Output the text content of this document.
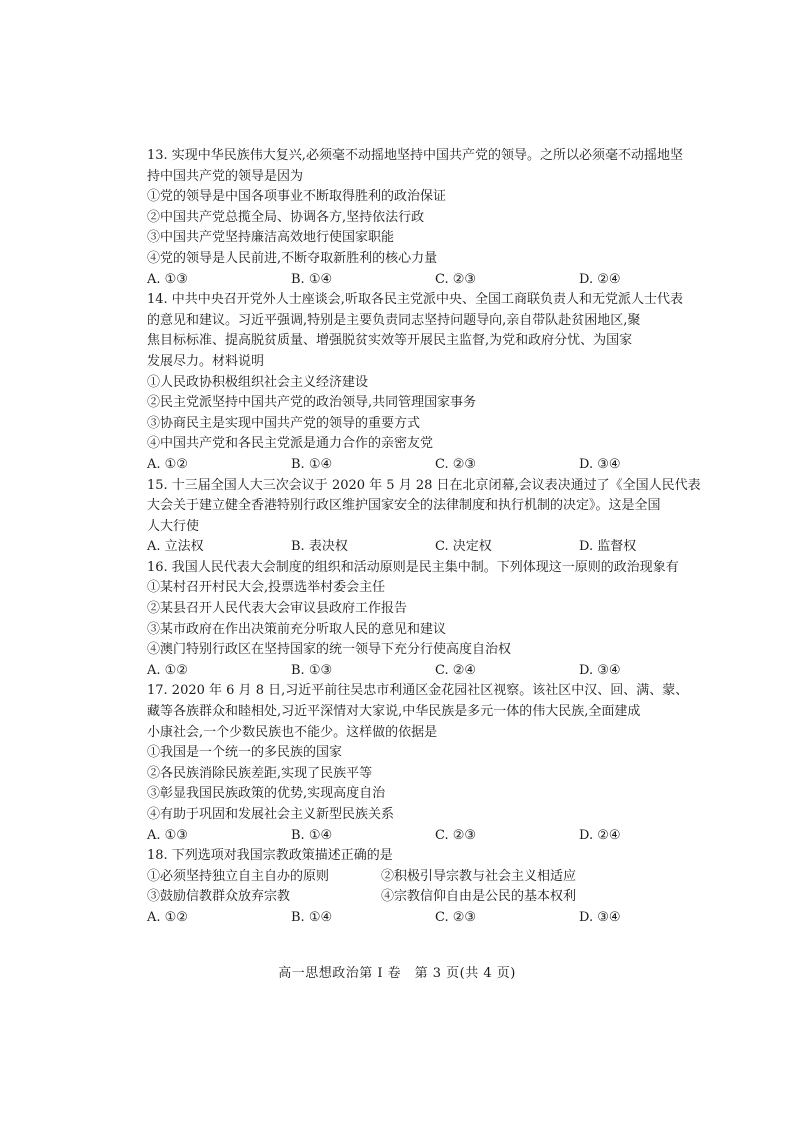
13. 实现中华民族伟大复兴,必须毫不动摇地坚持中国共产党的领导。之所以必须毫不动摇地坚
持中国共产党的领导是因为
①党的领导是中国各项事业不断取得胜利的政治保证
②中国共产党总揽全局、协调各方,坚持依法行政
③中国共产党坚持廉洁高效地行使国家职能
④党的领导是人民前进,不断夺取新胜利的核心力量
A. ①③	B. ①④	C. ②③	D. ②④
14. 中共中央召开党外人士座谈会,听取各民主党派中央、全国工商联负责人和无党派人士代表
的意见和建议。习近平强调,特别是主要负责同志坚持问题导向,亲自带队赴贫困地区,聚
焦目标标准、提高脱贫质量、增强脱贫实效等开展民主监督,为党和政府分忧、为国家
发展尽力。材料说明
①人民政协积极组织社会主义经济建设
②民主党派坚持中国共产党的政治领导,共同管理国家事务
③协商民主是实现中国共产党的领导的重要方式
④中国共产党和各民主党派是通力合作的亲密友党
A. ①②	B. ①④	C. ②③	D. ③④
15. 十三届全国人大三次会议于 2020 年 5 月 28 日在北京闭幕,会议表决通过了《全国人民代表
大会关于建立健全香港特别行政区维护国家安全的法律制度和执行机制的决定》。这是全国
人大行使
A. 立法权	B. 表决权	C. 决定权	D. 监督权
16. 我国人民代表大会制度的组织和活动原则是民主集中制。下列体现这一原则的政治现象有
①某村召开村民大会,投票选举村委会主任
②某县召开人民代表大会审议县政府工作报告
③某市政府在作出决策前充分听取人民的意见和建议
④澳门特别行政区在坚持国家的统一领导下充分行使高度自治权
A. ①②	B. ①③	C. ②④	D. ③④
17. 2020 年 6 月 8 日,习近平前往吴忠市利通区金花园社区视察。该社区中汉、回、满、蒙、
藏等各族群众和睦相处,习近平深情对大家说,中华民族是多元一体的伟大民族,全面建成
小康社会,一个少数民族也不能少。这样做的依据是
①我国是一个统一的多民族的国家
②各民族消除民族差距,实现了民族平等
③彰显我国民族政策的优势,实现高度自治
④有助于巩固和发展社会主义新型民族关系
A. ①③	B. ①④	C. ②③	D. ②④
18. 下列选项对我国宗教政策描述正确的是
①必须坚持独立自主自办的原则	②积极引导宗教与社会主义相适应
③鼓励信教群众放弃宗教	④宗教信仰自由是公民的基本权利
A. ①②	B. ①④	C. ②③	D. ③④
高一思想政治第 I 卷　第 3 页(共 4 页)
